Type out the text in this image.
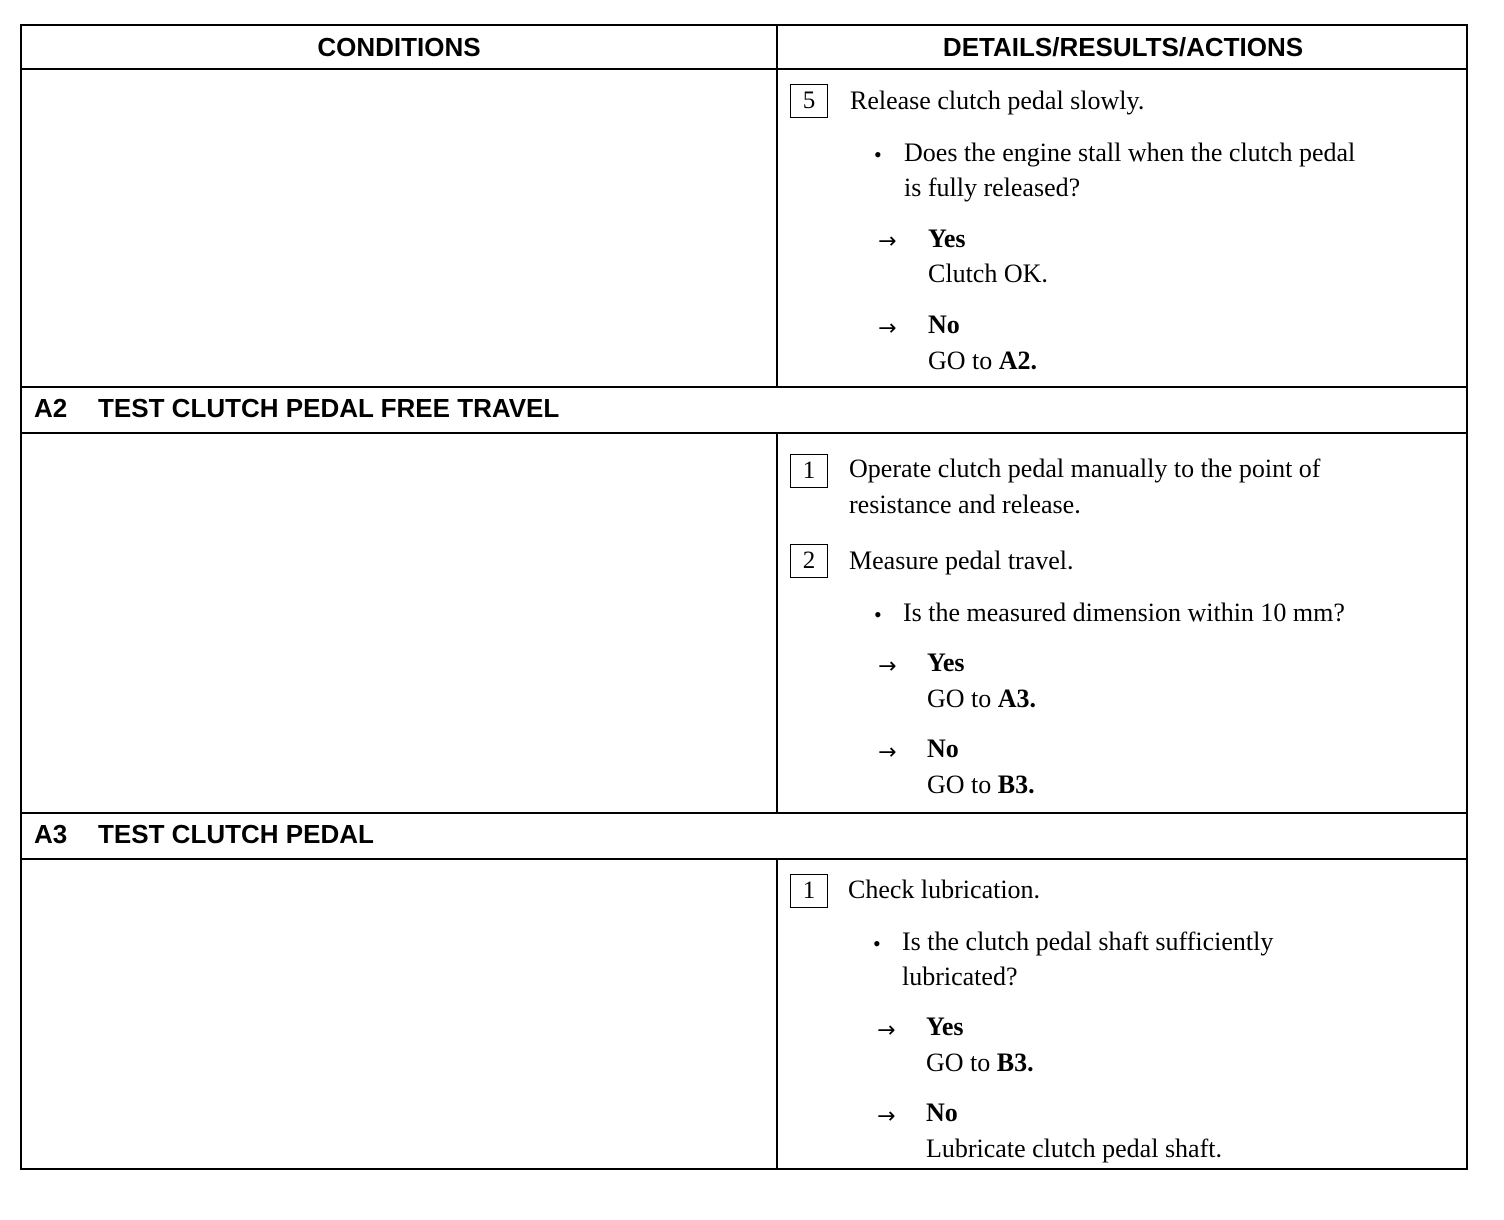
CONDITIONS	DETAILS/RESULTS/ACTIONS
5	Release clutch pedal slowly.
• Does the engine stall when the clutch pedal
is fully released?
→ Yes
Clutch OK.
→ No
GO to A2.
A2 TEST CLUTCH PEDAL FREE TRAVEL
1	Operate clutch pedal manually to the point of
resistance and release.
2	Measure pedal travel.
• Is the measured dimension within 10 mm?
→ Yes
GO to A3.
→ No
GO to B3.
A3 TEST CLUTCH PEDAL
1	Check lubrication.
• Is the clutch pedal shaft sufficiently
lubricated?
→ Yes
GO to B3.
→ No
Lubricate clutch pedal shaft.
